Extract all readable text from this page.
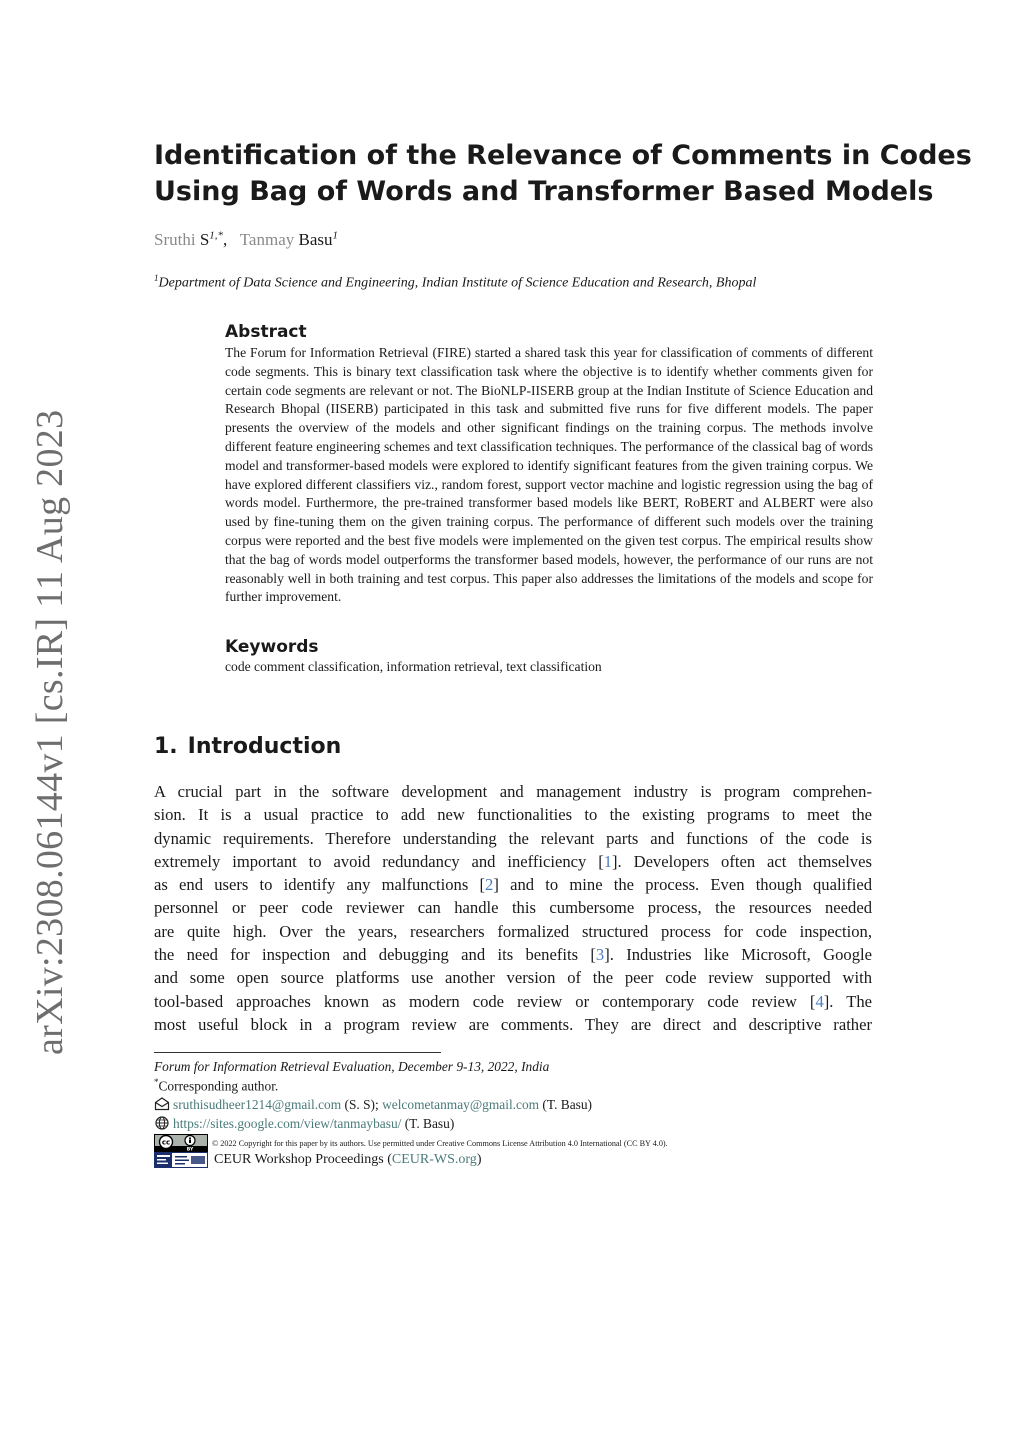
arXiv:2308.06144v1 [cs.IR] 11 Aug 2023
Identification of the Relevance of Comments in Codes
Using Bag of Words and Transformer Based Models
Sruthi $S^{1,*}$,   Tanmay Basu$^1$
$^1$Department of Data Science and Engineering, Indian Institute of Science Education and Research, Bhopal
Abstract
The Forum for Information Retrieval (FIRE) started a shared task this year for classification of comments of different code segments. This is binary text classification task where the objective is to identify whether comments given for certain code segments are relevant or not. The BioNLP-IISERB group at the Indian Institute of Science Education and Research Bhopal (IISERB) participated in this task and submitted five runs for five different models. The paper presents the overview of the models and other significant findings on the training corpus. The methods involve different feature engineering schemes and text classification techniques. The performance of the classical bag of words model and transformer-based models were explored to identify significant features from the given training corpus. We have explored different classifiers viz., random forest, support vector machine and logistic regression using the bag of words model. Furthermore, the pre-trained transformer based models like BERT, RoBERT and ALBERT were also used by fine-tuning them on the given training corpus. The performance of different such models over the training corpus were reported and the best five models were implemented on the given test corpus. The empirical results show that the bag of words model outperforms the transformer based models, however, the performance of our runs are not reasonably well in both training and test corpus. This paper also addresses the limitations of the models and scope for further improvement.
Keywords
code comment classification, information retrieval, text classification
1. Introduction
A crucial part in the software development and management industry is program comprehen-
sion. It is a usual practice to add new functionalities to the existing programs to meet the
dynamic requirements. Therefore understanding the relevant parts and functions of the code is
extremely important to avoid redundancy and inefficiency [1]. Developers often act themselves
as end users to identify any malfunctions [2] and to mine the process. Even though qualified
personnel or peer code reviewer can handle this cumbersome process, the resources needed
are quite high. Over the years, researchers formalized structured process for code inspection,
the need for inspection and debugging and its benefits [3]. Industries like Microsoft, Google
and some open source platforms use another version of the peer code review supported with
tool-based approaches known as modern code review or contemporary code review [4]. The
most useful block in a program review are comments. They are direct and descriptive rather
Forum for Information Retrieval Evaluation, December 9-13, 2022, India
*Corresponding author.
sruthisudheer1214@gmail.com (S. S); welcometanmay@gmail.com (T. Basu)
https://sites.google.com/view/tanmaybasu/ (T. Basu)
cc
BY
© 2022 Copyright for this paper by its authors. Use permitted under Creative Commons License Attribution 4.0 International (CC BY 4.0).
CEUR Workshop Proceedings (CEUR-WS.org)
